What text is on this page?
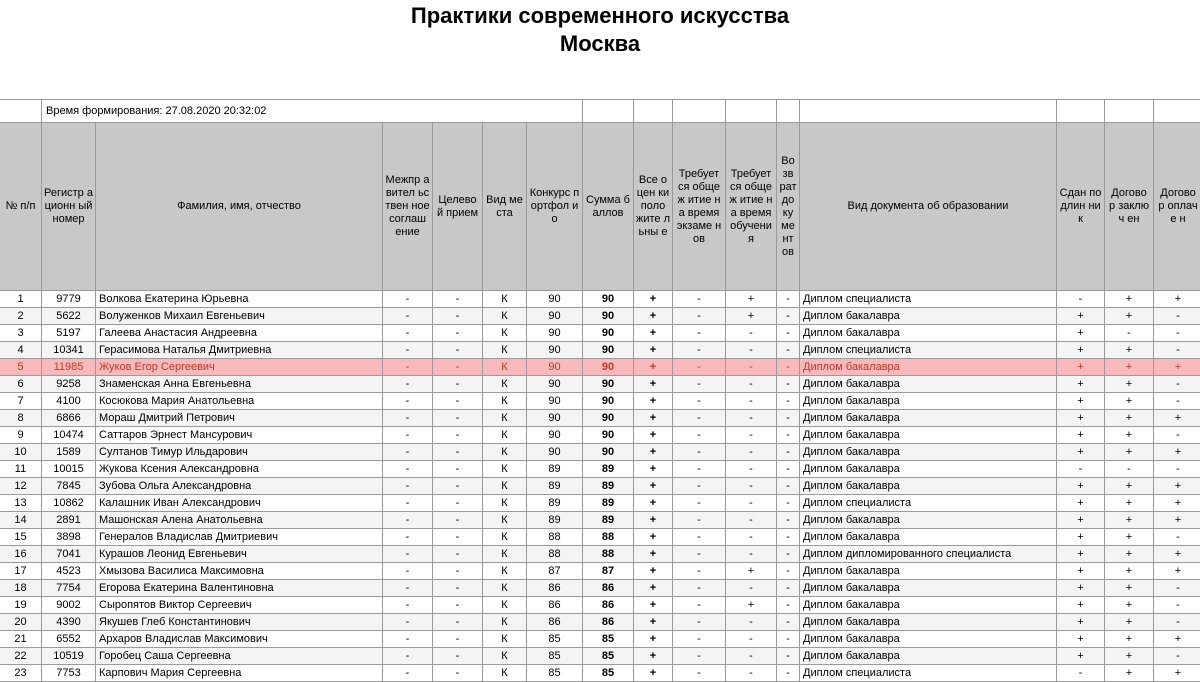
Практики современного искусства
Москва
	Время формирования: 27.08.2020 20:32:02														
№ п/п	Регистр ационн ый номер	Фамилия, имя, отчество	Межпр авител ьствен ное соглаш ение	Целево й прием	Вид места	Конкурс портфол ио	Сумма баллов	Все оцен ки поло жите льны е	Требует ся общеж итие на время экзаме нов	Требует ся общеж итие на время обучени я	Во зв рат до ку ме нт ов	Вид документа об образовании	Сдан подлин ник	Догово р заключ ен	Догово р оплаче н
1	9779	Волкова Екатерина Юрьевна	-	-	К	90	90	+	-	+	-	Диплом специалиста	-	+	+
2	5622	Волуженков Михаил Евгеньевич	-	-	К	90	90	+	-	+	-	Диплом бакалавра	+	+	-
3	5197	Галеева Анастасия Андреевна	-	-	К	90	90	+	-	-	-	Диплом бакалавра	+	-	-
4	10341	Герасимова Наталья Дмитриевна	-	-	К	90	90	+	-	-	-	Диплом специалиста	+	+	-
5	11985	Жуков Егор Сергеевич	-	-	К	90	90	+	-	-	-	Диплом бакалавра	+	+	+
6	9258	Знаменская Анна Евгеньевна	-	-	К	90	90	+	-	-	-	Диплом бакалавра	+	+	-
7	4100	Косюкова Мария Анатольевна	-	-	К	90	90	+	-	-	-	Диплом бакалавра	+	+	-
8	6866	Мораш Дмитрий Петрович	-	-	К	90	90	+	-	-	-	Диплом бакалавра	+	+	+
9	10474	Саттаров Эрнест Мансурович	-	-	К	90	90	+	-	-	-	Диплом бакалавра	+	+	-
10	1589	Султанов Тимур Ильдарович	-	-	К	90	90	+	-	-	-	Диплом бакалавра	+	+	+
11	10015	Жукова Ксения Александровна	-	-	К	89	89	+	-	-	-	Диплом бакалавра	-	-	-
12	7845	Зубова Ольга Александровна	-	-	К	89	89	+	-	-	-	Диплом бакалавра	+	+	+
13	10862	Калашник Иван Александрович	-	-	К	89	89	+	-	-	-	Диплом специалиста	+	+	+
14	2891	Машонская Алена Анатольевна	-	-	К	89	89	+	-	-	-	Диплом бакалавра	+	+	+
15	3898	Генералов Владислав Дмитриевич	-	-	К	88	88	+	-	-	-	Диплом бакалавра	+	+	-
16	7041	Курашов Леонид Евгеньевич	-	-	К	88	88	+	-	-	-	Диплом дипломированного специалиста	+	+	+
17	4523	Хмызова Василиса Максимовна	-	-	К	87	87	+	-	+	-	Диплом бакалавра	+	+	+
18	7754	Егорова Екатерина Валентиновна	-	-	К	86	86	+	-	-	-	Диплом бакалавра	+	+	-
19	9002	Сыропятов Виктор Сергеевич	-	-	К	86	86	+	-	+	-	Диплом бакалавра	+	+	-
20	4390	Якушев Глеб Константинович	-	-	К	86	86	+	-	-	-	Диплом бакалавра	+	+	-
21	6552	Архаров Владислав Максимович	-	-	К	85	85	+	-	-	-	Диплом бакалавра	+	+	+
22	10519	Горобец Саша Сергеевна	-	-	К	85	85	+	-	-	-	Диплом бакалавра	+	+	-
23	7753	Карпович Мария Сергеевна	-	-	К	85	85	+	-	-	-	Диплом специалиста	-	+	+
